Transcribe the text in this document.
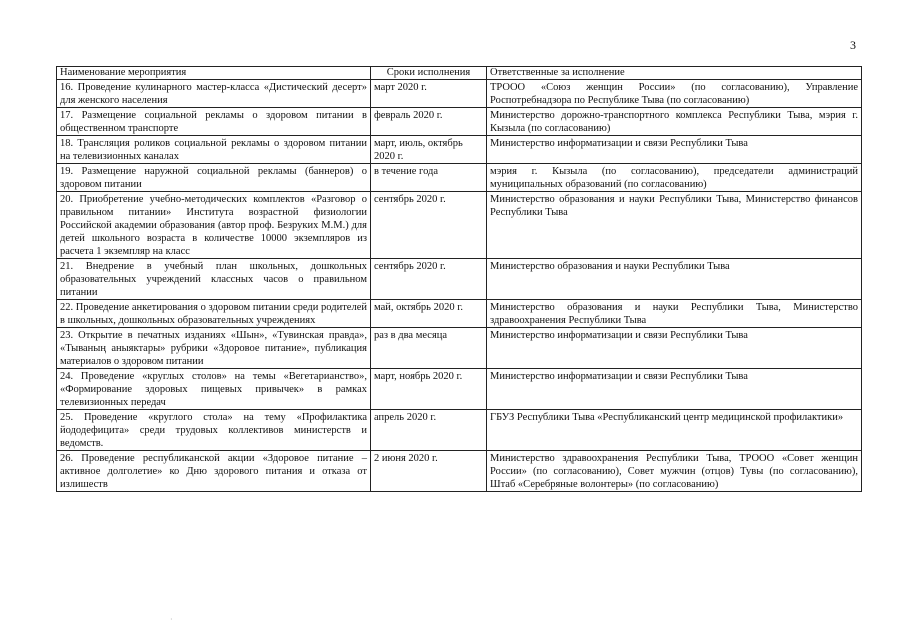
3
Наименование мероприятия	Сроки исполнения	Ответственные за исполнение
16. Проведение кулинарного мастер-класса «Дистический десерт» для женского населения	март 2020 г.	ТРООО «Союз женщин России» (по согласованию), Управление Роспотребнадзора по Республике Тыва (по согласованию)
17. Размещение социальной рекламы о здоровом питании в общественном транспорте	февраль 2020 г.	Министерство дорожно-транспортного комплекса Республики Тыва, мэрия г. Кызыла (по согласованию)
18. Трансляция роликов социальной рекламы о здоровом питании на телевизионных каналах	март, июль, октябрь 2020 г.	Министерство информатизации и связи Республики Тыва
19. Размещение наружной социальной рекламы (баннеров) о здоровом питании	в течение года	мэрия г. Кызыла (по согласованию), председатели администраций муниципальных образований (по согласованию)
20. Приобретение учебно-методических комплектов «Разговор о правильном питании» Института возрастной физиологии Российской академии образования (автор проф. Безруких М.М.) для детей школьного возраста в количестве 10000 экземпляров из расчета 1 экземпляр на класс	сентябрь 2020 г.	Министерство образования и науки Республики Тыва, Министерство финансов Республики Тыва
21. Внедрение в учебный план школьных, дошкольных образовательных учреждений классных часов о правильном питании	сентябрь 2020 г.	Министерство образования и науки Республики Тыва
22. Проведение анкетирования о здоровом питании среди родителей в школьных, дошкольных образовательных учреждениях	май, октябрь 2020 г.	Министерство образования и науки Республики Тыва, Министерство здравоохранения Республики Тыва
23. Открытие в печатных изданиях «Шын», «Тувинская правда», «Тываның аныяктары» рубрики «Здоровое питание», публикация материалов о здоровом питании	раз в два месяца	Министерство информатизации и связи Республики Тыва
24. Проведение «круглых столов» на темы «Вегетарианство», «Формирование здоровых пищевых привычек» в рамках телевизионных передач	март, ноябрь 2020 г.	Министерство информатизации и связи Республики Тыва
25. Проведение «круглого стола» на тему «Профилактика йододефицита» среди трудовых коллективов министерств и ведомств.	апрель 2020 г.	ГБУЗ Республики Тыва «Республиканский центр медицинской профилактики»
26. Проведение республиканской акции «Здоровое питание – активное долголетие» ко Дню здорового питания и отказа от излишеств	2 июня 2020 г.	Министерство здравоохранения Республики Тыва, ТРООО «Совет женщин России» (по согласованию), Совет мужчин (отцов) Тувы (по согласованию), Штаб «Серебряные волонтеры» (по согласованию)
·
